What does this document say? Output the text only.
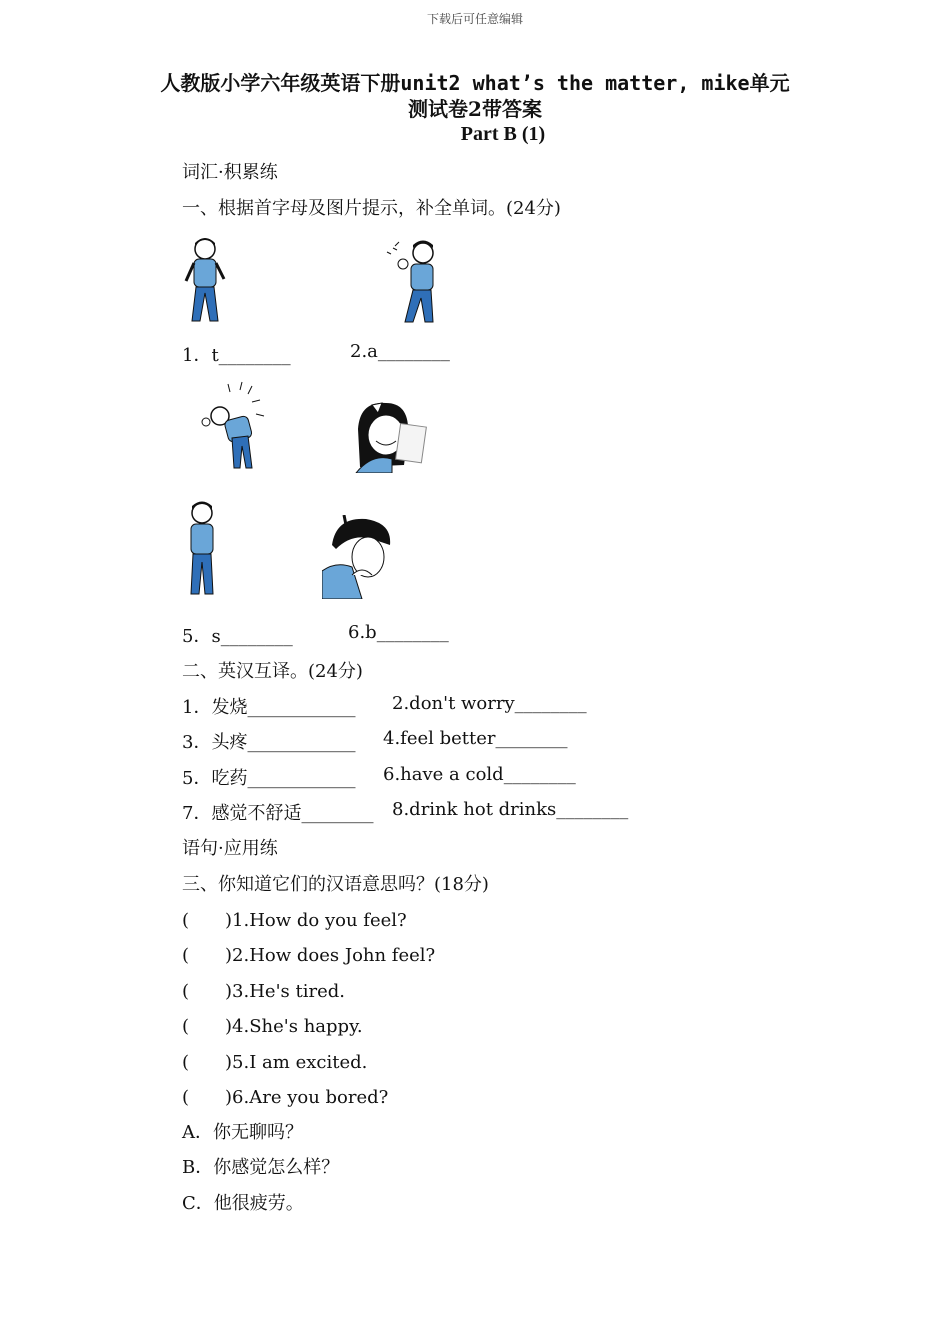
下载后可任意编辑
人教版小学六年级英语下册unit2 what’s the matter, mike单元
测试卷2带答案
Part B (1)
词汇·积累练
一、根据首字母及图片提示，补全单词。(24分)
1．t________	2.a________
5．s________	6.b________
二、英汉互译。(24分)
1．发烧____________ 2.don't worry________
3．头疼____________ 4.feel better________
5．吃药____________ 6.have a cold________
7．感觉不舒适________ 8.drink hot drinks________
语句·应用练
三、你知道它们的汉语意思吗？(18分)
(　　)1.How do you feel?
(　　)2.How does John feel?
(　　)3.He's tired.
(　　)4.She's happy.
(　　)5.I am excited.
(　　)6.Are you bored?
A．你无聊吗？
B．你感觉怎么样？
C．他很疲劳。
